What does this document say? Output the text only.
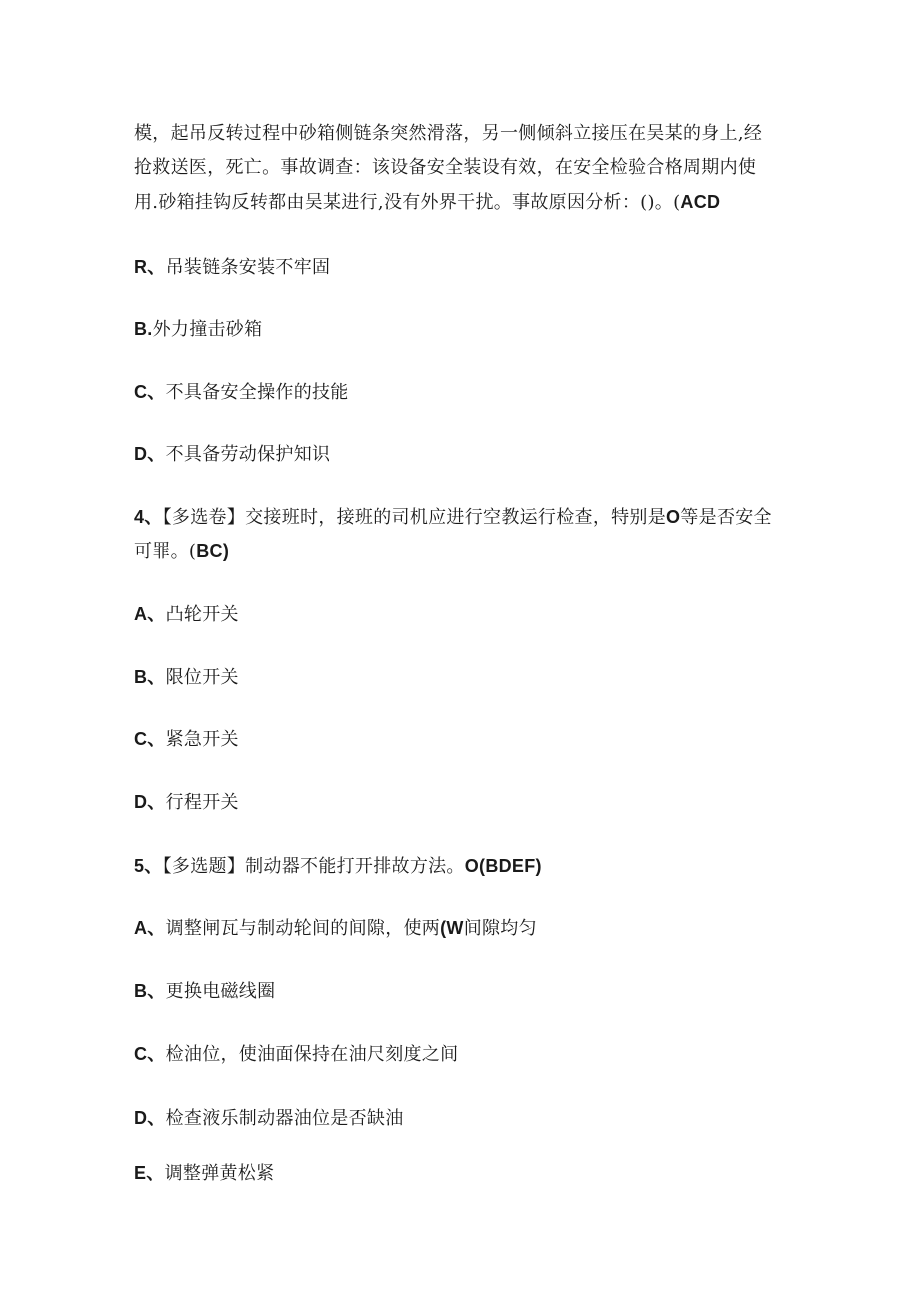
模，起吊反转过程中砂箱侧链条突然滑落，另一侧倾斜立接压在吴某的身上,经
抢救送医，死亡。事故调查：该设备安全装设有效，在安全检验合格周期内使
用.砂箱挂钩反转都由吴某进行,没有外界干扰。事故原因分析：()。(ACD
R、吊装链条安装不牢固
B.外力撞击砂箱
C、不具备安全操作的技能
D、不具备劳动保护知识
4、【多选卷】交接班时，接班的司机应进行空教运行检查，特别是O等是否安全
可罪。(BC)
A、凸轮开关
B、限位开关
C、紧急开关
D、行程开关
5、【多选题】制动器不能打开排故方法。O(BDEF)
A、调整闸瓦与制动轮间的间隙，使两(W间隙均匀
B、更换电磁线圈
C、检油位，使油面保持在油尺刻度之间
D、检查液乐制动器油位是否缺油
E、调整弹黄松紧
